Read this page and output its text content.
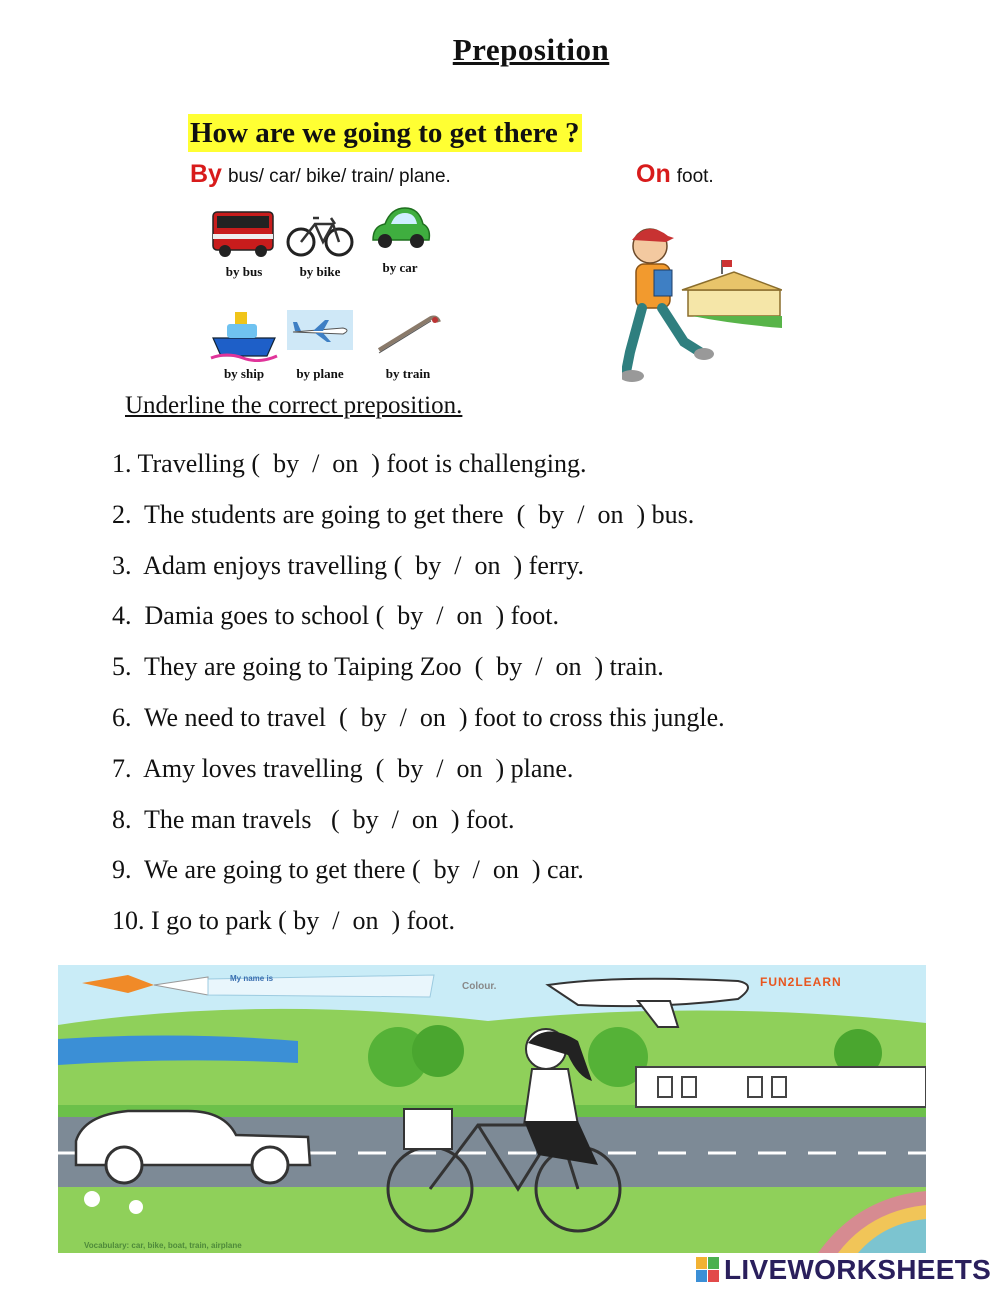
Preposition
How are we going to get there ?
By bus/ car/ bike/ train/ plane.	On foot.
by bus	by bike	by car
by ship	by plane	by train
Underline the correct preposition.
1. Travelling (  by  /  on  ) foot is challenging.
2.  The students are going to get there  (  by  /  on  ) bus.
3.  Adam enjoys travelling (  by  /  on  ) ferry.
4.  Damia goes to school (  by  /  on  ) foot.
5.  They are going to Taiping Zoo  (  by  /  on  ) train.
6.  We need to travel  (  by  /  on  ) foot to cross this jungle.
7.  Amy loves travelling  (  by  /  on  ) plane.
8.  The man travels   (  by  /  on  ) foot.
9.  We are going to get there (  by  /  on  ) car.
10. I go to park ( by  /  on  ) foot.
My name is
Colour.	FUN2LEARN
Vocabulary: car, bike, boat, train, airplane
LIVEWORKSHEETS
